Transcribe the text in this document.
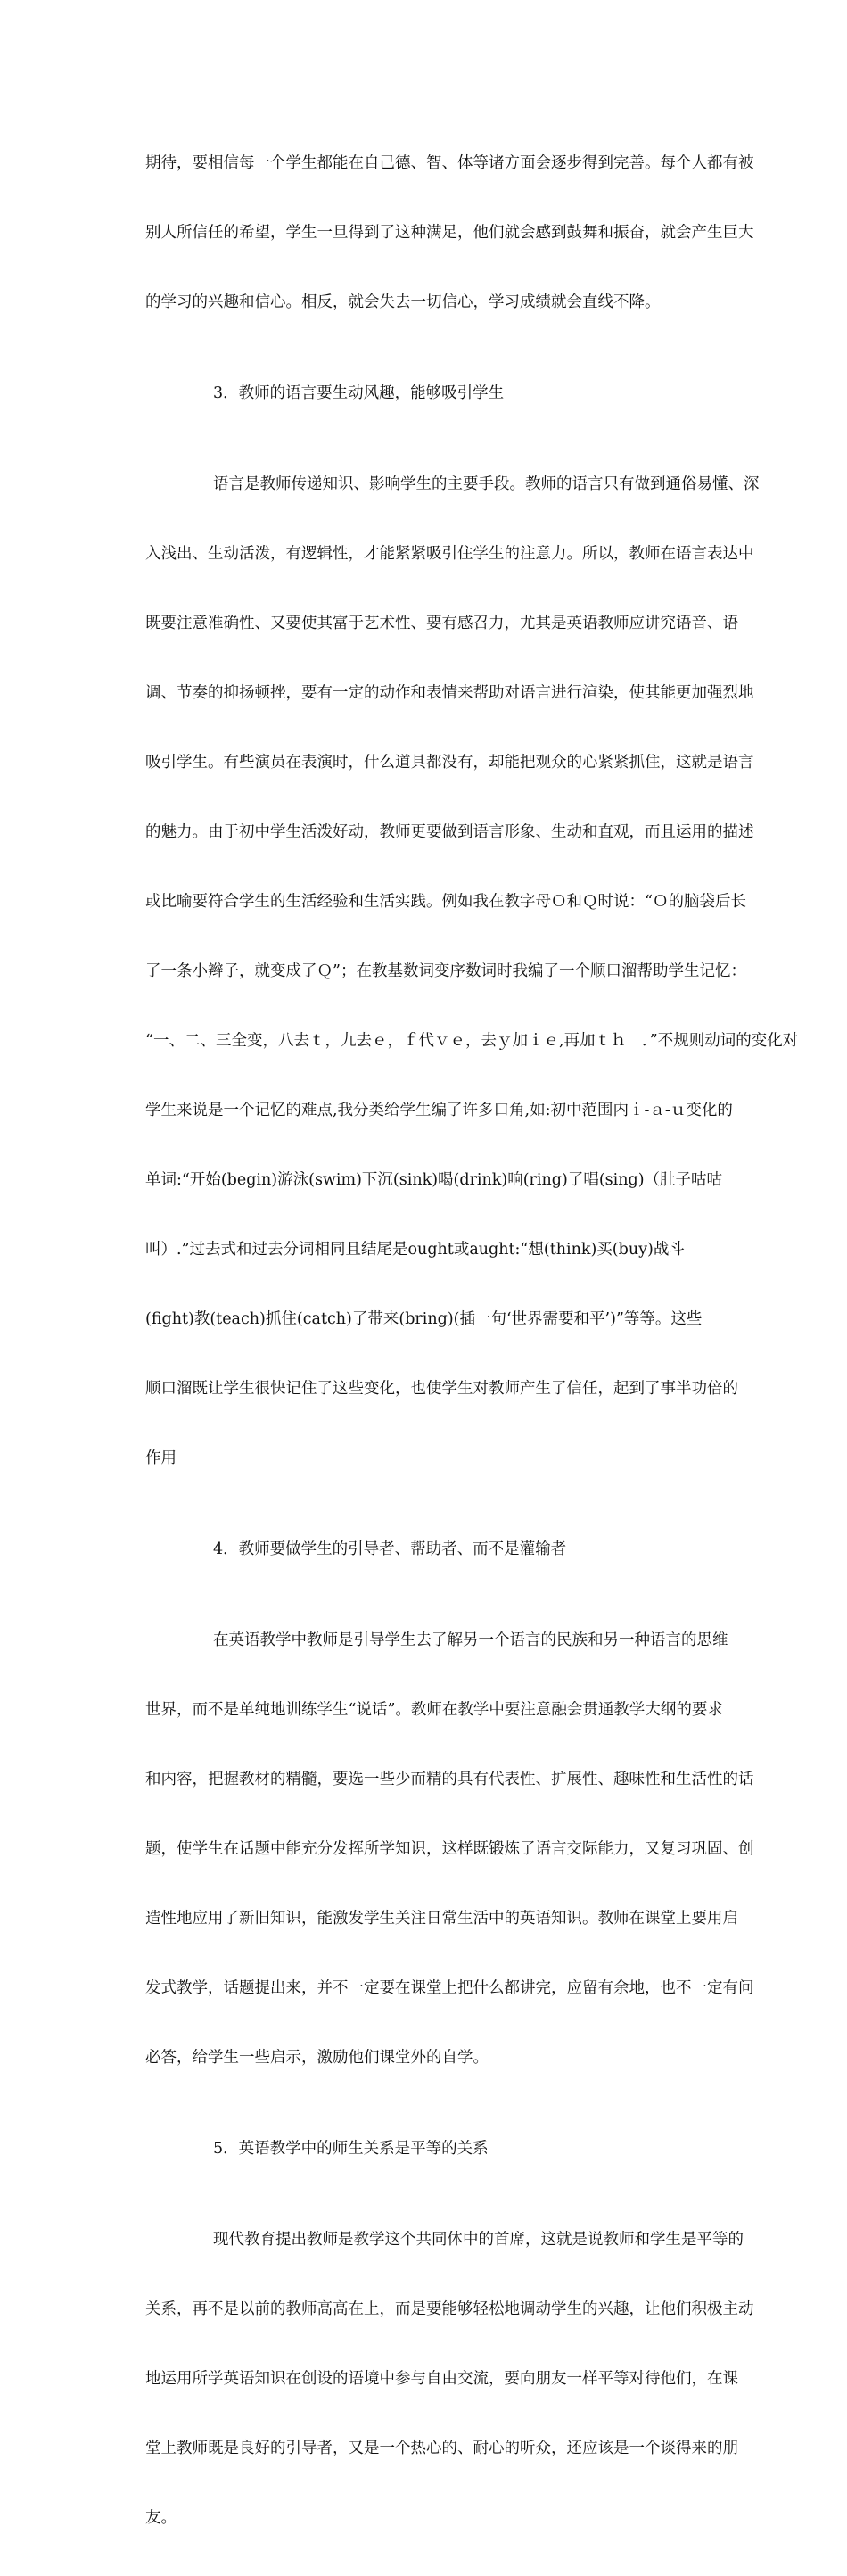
期待，要相信每一个学生都能在自己德、智、体等诸方面会逐步得到完善。每个人都有被

别人所信任的希望，学生一旦得到了这种满足，他们就会感到鼓舞和振奋，就会产生巨大

的学习的兴趣和信心。相反，就会失去一切信心，学习成绩就会直线不降。

3．教师的语言要生动风趣，能够吸引学生

语言是教师传递知识、影响学生的主要手段。教师的语言只有做到通俗易懂、深

入浅出、生动活泼，有逻辑性，才能紧紧吸引住学生的注意力。所以，教师在语言表达中

既要注意准确性、又要使其富于艺术性、要有感召力，尤其是英语教师应讲究语音、语

调、节奏的抑扬顿挫，要有一定的动作和表情来帮助对语言进行渲染，使其能更加强烈地

吸引学生。有些演员在表演时，什么道具都没有，却能把观众的心紧紧抓住，这就是语言

的魅力。由于初中学生活泼好动，教师更要做到语言形象、生动和直观，而且运用的描述

或比喻要符合学生的生活经验和生活实践。例如我在教字母Ｏ和Ｑ时说：“Ｏ的脑袋后长

了一条小辫子，就变成了Ｑ”；在教基数词变序数词时我编了一个顺口溜帮助学生记忆：

“一、二、三全变，八去ｔ，九去ｅ，ｆ代ｖｅ，去ｙ加ｉｅ,再加ｔｈ　．”不规则动词的变化对

学生来说是一个记忆的难点,我分类给学生编了许多口角,如:初中范围内ｉ-ａ-ｕ变化的

单词:“开始(begin)游泳(swim)下沉(sink)喝(drink)响(ring)了唱(sing)（肚子咕咕

叫）.”过去式和过去分词相同且结尾是ought或aught:“想(think)买(buy)战斗

(fight)教(teach)抓住(catch)了带来(bring)(插一句‘世界需要和平’)”等等。这些

顺口溜既让学生很快记住了这些变化，也使学生对教师产生了信任，起到了事半功倍的

作用

4．教师要做学生的引导者、帮助者、而不是灌输者

在英语教学中教师是引导学生去了解另一个语言的民族和另一种语言的思维

世界，而不是单纯地训练学生“说话”。教师在教学中要注意融会贯通教学大纲的要求

和内容，把握教材的精髓，要选一些少而精的具有代表性、扩展性、趣味性和生活性的话

题，使学生在话题中能充分发挥所学知识，这样既锻炼了语言交际能力，又复习巩固、创

造性地应用了新旧知识，能激发学生关注日常生活中的英语知识。教师在课堂上要用启

发式教学，话题提出来，并不一定要在课堂上把什么都讲完，应留有余地，也不一定有问

必答，给学生一些启示，激励他们课堂外的自学。

5．英语教学中的师生关系是平等的关系

现代教育提出教师是教学这个共同体中的首席，这就是说教师和学生是平等的

关系，再不是以前的教师高高在上，而是要能够轻松地调动学生的兴趣，让他们积极主动

地运用所学英语知识在创设的语境中参与自由交流，要向朋友一样平等对待他们，在课

堂上教师既是良好的引导者，又是一个热心的、耐心的听众，还应该是一个谈得来的朋

友。
